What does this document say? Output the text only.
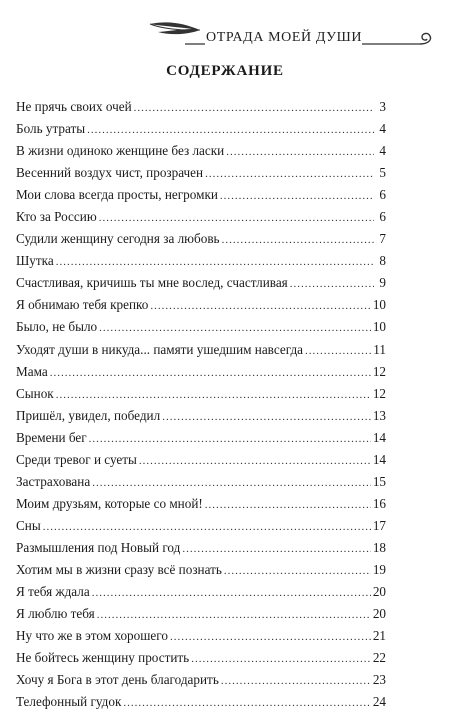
ОТРАДА МОЕЙ ДУШИ
СОДЕРЖАНИЕ
Не прячь своих очей .....	3
Боль утраты .....	4
В жизни одиноко женщине без ласки .....	4
Весенний воздух чист, прозрачен .....	5
Мои слова всегда просты, негромки .....	6
Кто за Россию .....	6
Судили женщину сегодня за любовь .....	7
Шутка .....	8
Счастливая, кричишь ты мне вослед, счастливая .....	9
Я обнимаю тебя крепко .....	10
Было, не было .....	10
Уходят души в никуда... памяти ушедшим навсегда .....	11
Мама .....	12
Сынок .....	12
Пришёл, увидел, победил .....	13
Времени бег .....	14
Среди тревог и суеты .....	14
Застрахована .....	15
Моим друзьям, которые со мной! .....	16
Сны .....	17
Размышления под Новый год .....	18
Хотим мы в жизни сразу всё познать .....	19
Я тебя ждала .....	20
Я люблю тебя .....	20
Ну что же в этом хорошего .....	21
Не бойтесь женщину простить .....	22
Хочу я Бога в этот день благодарить .....	23
Телефонный гудок .....	24
